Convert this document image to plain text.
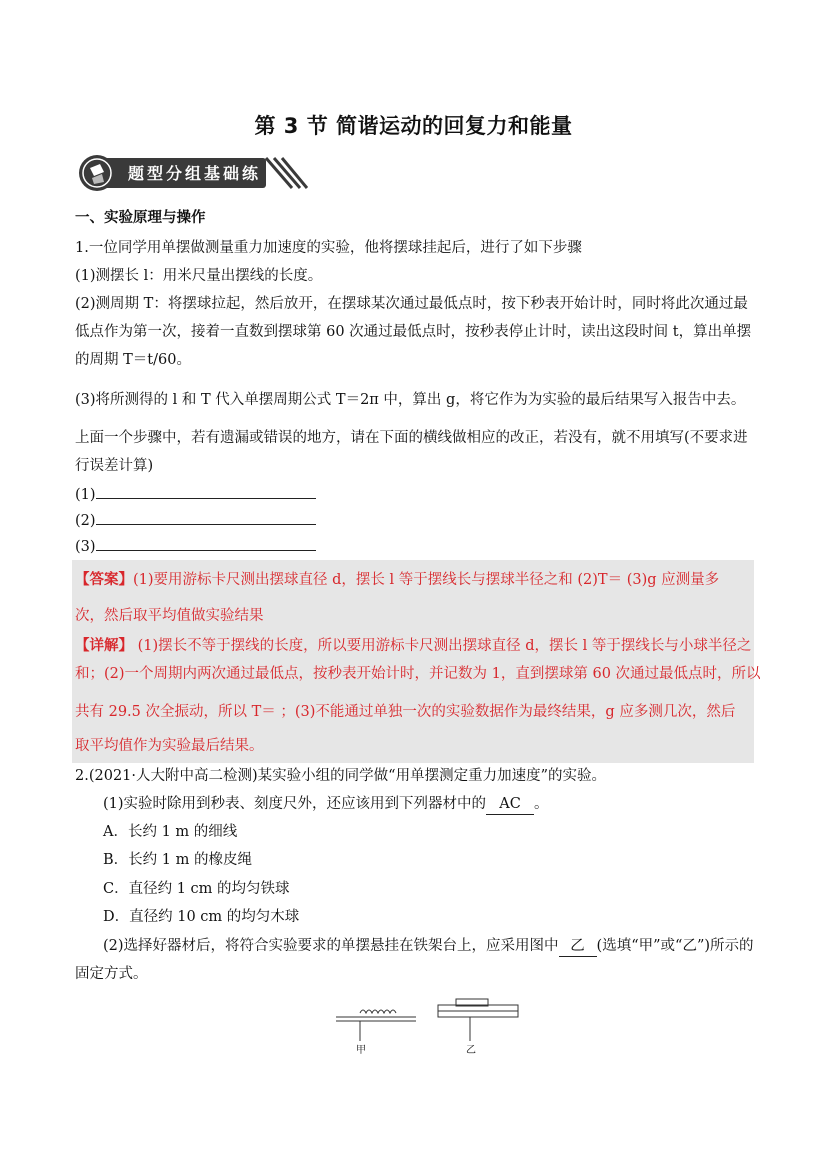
第 3 节 简谐运动的回复力和能量
题型分组基础练
一、实验原理与操作
1.一位同学用单摆做测量重力加速度的实验，他将摆球挂起后，进行了如下步骤
(1)测摆长 l：用米尺量出摆线的长度。
(2)测周期 T：将摆球拉起，然后放开，在摆球某次通过最低点时，按下秒表开始计时，同时将此次通过最
低点作为第一次，接着一直数到摆球第 60 次通过最低点时，按秒表停止计时，读出这段时间 t，算出单摆
的周期 T＝t/60。
(3)将所测得的 l 和 T 代入单摆周期公式 T＝2π 中，算出 g，将它作为为实验的最后结果写入报告中去。
上面一个步骤中，若有遗漏或错误的地方，请在下面的横线做相应的改正，若没有，就不用填写(不要求进
行误差计算)
(1)
(2)
(3)
【答案】(1)要用游标卡尺测出摆球直径 d，摆长 l 等于摆线长与摆球半径之和 (2)T＝ (3)g 应测量多
次，然后取平均值做实验结果
【详解】 (1)摆长不等于摆线的长度，所以要用游标卡尺测出摆球直径 d，摆长 l 等于摆线长与小球半径之
和；(2)一个周期内两次通过最低点，按秒表开始计时，并记数为 1，直到摆球第 60 次通过最低点时，所以
共有 29.5 次全振动，所以 T＝ ；(3)不能通过单独一次的实验数据作为最终结果，g 应多测几次，然后
取平均值作为实验最后结果。
2.(2021·人大附中高二检测)某实验小组的同学做“用单摆测定重力加速度”的实验。
(1)实验时除用到秒表、刻度尺外，还应该用到下列器材中的 AC 。
A．长约 1 m 的细线
B．长约 1 m 的橡皮绳
C．直径约 1 cm 的均匀铁球
D．直径约 10 cm 的均匀木球
(2)选择好器材后，将符合实验要求的单摆悬挂在铁架台上，应采用图中 乙 (选填“甲”或“乙”)所示的
固定方式。
甲	乙
